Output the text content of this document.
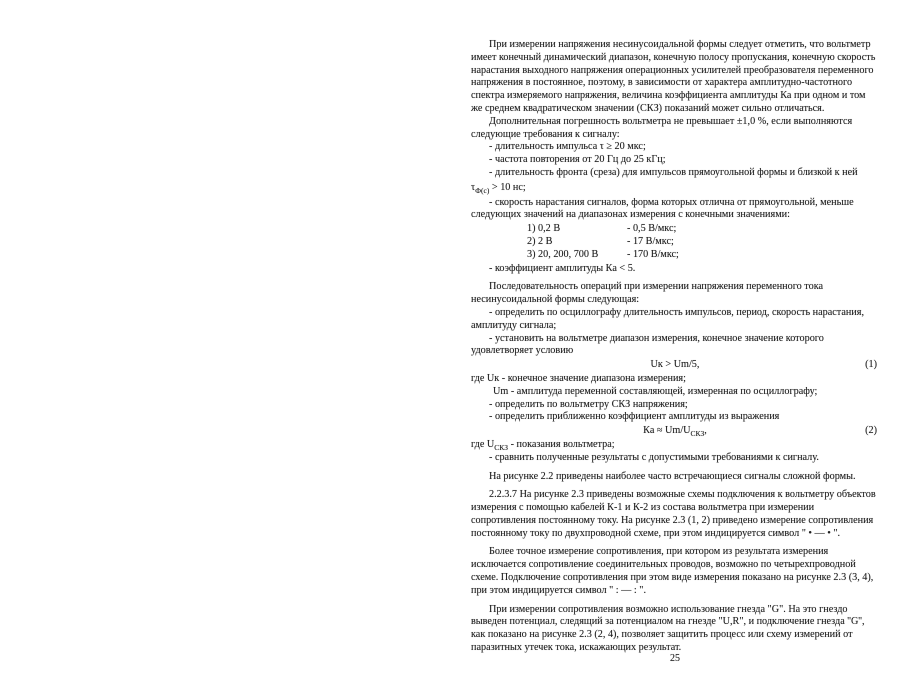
При измерении напряжения несинусоидальной формы следует отметить, что вольтметр имеет конечный динамический диапазон, конечную полосу пропускания, конечную скорость нарастания выходного напряжения операционных усилителей преобразователя переменного напряжения в постоянное, поэтому, в зависимости от характера амплитудно-частотного спектра измеряемого напряжения, величина коэффициента амплитуды Ка при одном и том же среднем квадратическом значении (СКЗ) показаний может сильно отличаться.

Дополнительная погрешность вольтметра не превышает ±1,0 %, если выполняются следующие требования к сигналу:

- длительность импульса τ ≥ 20 мкс;

- частота повторения от 20 Гц до 25 кГц;

- длительность фронта (среза) для импульсов прямоугольной формы и близкой к ней

$\tau_{Ф(с)} > 10$ нс;

- скорость нарастания сигналов, форма которых отлична от прямоугольной, меньше следующих значений на диапазонах измерения с конечными значениями:

1) 0,2 В	- 0,5 В/мкс;
2) 2 В	- 17 В/мкс;
3) 20, 200, 700 В	- 170 В/мкс;

- коэффициент амплитуды Ка < 5.

Последовательность операций при измерении напряжения переменного тока несинусоидальной формы следующая:

- определить по осциллографу длительность импульсов, период, скорость нарастания, амплитуду сигнала;

- установить на вольтметре диапазон измерения, конечное значение которого удовлетворяет условию

Uк > Um/5,	(1)

где Uк - конечное значение диапазона измерения;

Um - амплитуда переменной составляющей, измеренная по осциллографу;

- определить по вольтметру СКЗ напряжения;

- определить приближенно коэффициент амплитуды из выражения

Ка ≈ $Um/U_{СКЗ}$,	(2)

где $U_{СКЗ}$ - показания вольтметра;

- сравнить полученные результаты с допустимыми требованиями к сигналу.

На рисунке 2.2 приведены наиболее часто встречающиеся сигналы сложной формы.

2.2.3.7 На рисунке 2.3 приведены возможные схемы подключения к вольтметру объектов измерения с помощью кабелей К-1 и К-2 из состава вольтметра при измерении сопротивления постоянному току. На рисунке 2.3 (1, 2) приведено измерение сопротивления постоянному току по двухпроводной схеме, при этом индицируется символ " • — • ".

Более точное измерение сопротивления, при котором из результата измерения исключается сопротивление соединительных проводов, возможно по четырехпроводной схеме. Подключение сопротивления при этом виде измерения показано на рисунке 2.3 (3, 4), при этом индицируется символ " : — : ".

При измерении сопротивления возможно использование гнезда "G". На это гнездо выведен потенциал, следящий за потенциалом на гнезде "U,R", и подключение гнезда ''G'', как показано на рисунке 2.3 (2, 4), позволяет защитить процесс или схему измерений от паразитных утечек тока, искажающих результат.

25
